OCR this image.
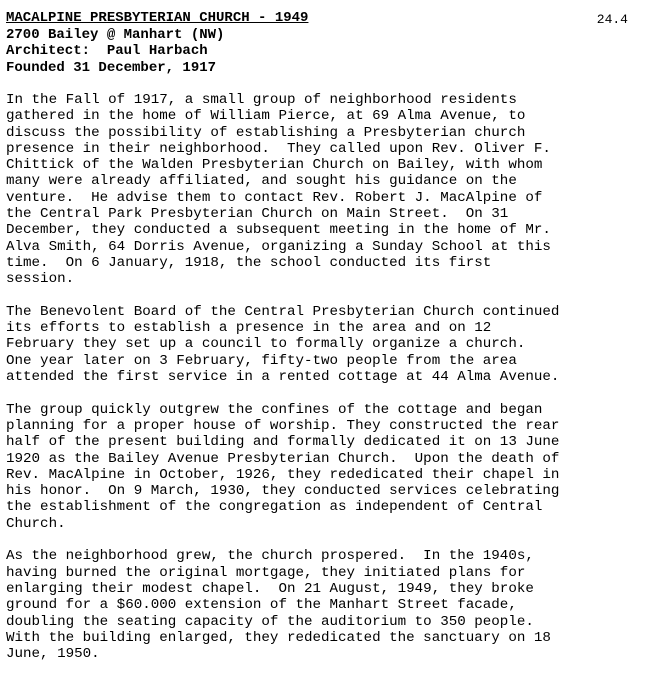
24.4
MACALPINE PRESBYTERIAN CHURCH - 1949
2700 Bailey @ Manhart (NW)
Architect:  Paul Harbach
Founded 31 December, 1917

In the Fall of 1917, a small group of neighborhood residents
gathered in the home of William Pierce, at 69 Alma Avenue, to
discuss the possibility of establishing a Presbyterian church
presence in their neighborhood.  They called upon Rev. Oliver F.
Chittick of the Walden Presbyterian Church on Bailey, with whom
many were already affiliated, and sought his guidance on the
venture.  He advise them to contact Rev. Robert J. MacAlpine of
the Central Park Presbyterian Church on Main Street.  On 31
December, they conducted a subsequent meeting in the home of Mr.
Alva Smith, 64 Dorris Avenue, organizing a Sunday School at this
time.  On 6 January, 1918, the school conducted its first
session.

The Benevolent Board of the Central Presbyterian Church continued
its efforts to establish a presence in the area and on 12
February they set up a council to formally organize a church.
One year later on 3 February, fifty-two people from the area
attended the first service in a rented cottage at 44 Alma Avenue.

The group quickly outgrew the confines of the cottage and began
planning for a proper house of worship. They constructed the rear
half of the present building and formally dedicated it on 13 June
1920 as the Bailey Avenue Presbyterian Church.  Upon the death of
Rev. MacAlpine in October, 1926, they rededicated their chapel in
his honor.  On 9 March, 1930, they conducted services celebrating
the establishment of the congregation as independent of Central
Church.

As the neighborhood grew, the church prospered.  In the 1940s,
having burned the original mortgage, they initiated plans for
enlarging their modest chapel.  On 21 August, 1949, they broke
ground for a $60.000 extension of the Manhart Street facade,
doubling the seating capacity of the auditorium to 350 people.
With the building enlarged, they rededicated the sanctuary on 18
June, 1950.
